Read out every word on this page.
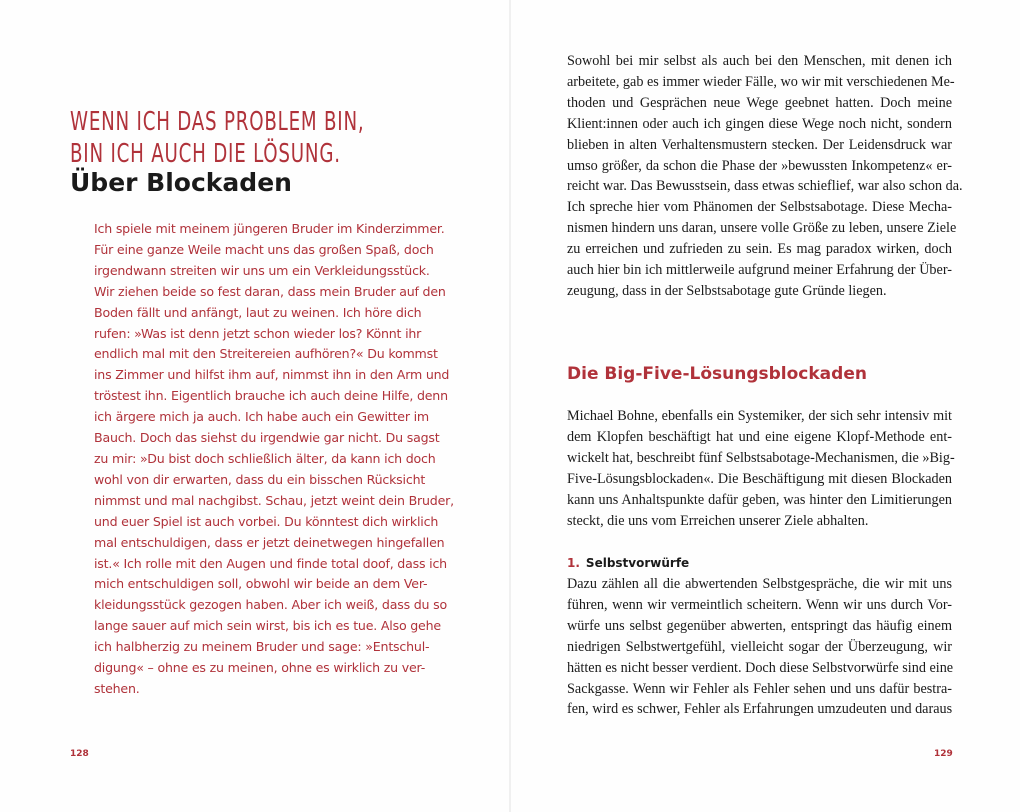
WENN ICH DAS PROBLEM BIN,
BIN ICH AUCH DIE LÖSUNG.
Über Blockaden
Ich spiele mit meinem jüngeren Bruder im Kinderzimmer.
Für eine ganze Weile macht uns das großen Spaß, doch
irgendwann streiten wir uns um ein Verkleidungsstück.
Wir ziehen beide so fest daran, dass mein Bruder auf den
Boden fällt und anfängt, laut zu weinen. Ich höre dich
rufen: »Was ist denn jetzt schon wieder los? Könnt ihr
endlich mal mit den Streitereien aufhören?« Du kommst
ins Zimmer und hilfst ihm auf, nimmst ihn in den Arm und
tröstest ihn. Eigentlich brauche ich auch deine Hilfe, denn
ich ärgere mich ja auch. Ich habe auch ein Gewitter im
Bauch. Doch das siehst du irgendwie gar nicht. Du sagst
zu mir: »Du bist doch schließlich älter, da kann ich doch
wohl von dir erwarten, dass du ein bisschen Rücksicht
nimmst und mal nachgibst. Schau, jetzt weint dein Bruder,
und euer Spiel ist auch vorbei. Du könntest dich wirklich
mal entschuldigen, dass er jetzt deinetwegen hingefallen
ist.« Ich rolle mit den Augen und finde total doof, dass ich
mich entschuldigen soll, obwohl wir beide an dem Ver-
kleidungsstück gezogen haben. Aber ich weiß, dass du so
lange sauer auf mich sein wirst, bis ich es tue. Also gehe
ich halbherzig zu meinem Bruder und sage: »Entschul-
digung« – ohne es zu meinen, ohne es wirklich zu ver-
stehen.
128
Sowohl bei mir selbst als auch bei den Menschen, mit denen ich
arbeitete, gab es immer wieder Fälle, wo wir mit verschiedenen Me-
thoden und Gesprächen neue Wege geebnet hatten. Doch meine
Klient:innen oder auch ich gingen diese Wege noch nicht, sondern
blieben in alten Verhaltensmustern stecken. Der Leidensdruck war
umso größer, da schon die Phase der »bewussten Inkompetenz« er-
reicht war. Das Bewusstsein, dass etwas schieflief, war also schon da.
Ich spreche hier vom Phänomen der Selbstsabotage. Diese Mecha-
nismen hindern uns daran, unsere volle Größe zu leben, unsere Ziele
zu erreichen und zufrieden zu sein. Es mag paradox wirken, doch
auch hier bin ich mittlerweile aufgrund meiner Erfahrung der Über-
zeugung, dass in der Selbstsabotage gute Gründe liegen.
Die Big-Five-Lösungsblockaden
Michael Bohne, ebenfalls ein Systemiker, der sich sehr intensiv mit
dem Klopfen beschäftigt hat und eine eigene Klopf-Methode ent-
wickelt hat, beschreibt fünf Selbstsabotage-Mechanismen, die »Big-
Five-Lösungsblockaden«. Die Beschäftigung mit diesen Blockaden
kann uns Anhaltspunkte dafür geben, was hinter den Limitierungen
steckt, die uns vom Erreichen unserer Ziele abhalten.
1. Selbstvorwürfe
Dazu zählen all die abwertenden Selbstgespräche, die wir mit uns
führen, wenn wir vermeintlich scheitern. Wenn wir uns durch Vor-
würfe uns selbst gegenüber abwerten, entspringt das häufig einem
niedrigen Selbstwertgefühl, vielleicht sogar der Überzeugung, wir
hätten es nicht besser verdient. Doch diese Selbstvorwürfe sind eine
Sackgasse. Wenn wir Fehler als Fehler sehen und uns dafür bestra-
fen, wird es schwer, Fehler als Erfahrungen umzudeuten und daraus
129
